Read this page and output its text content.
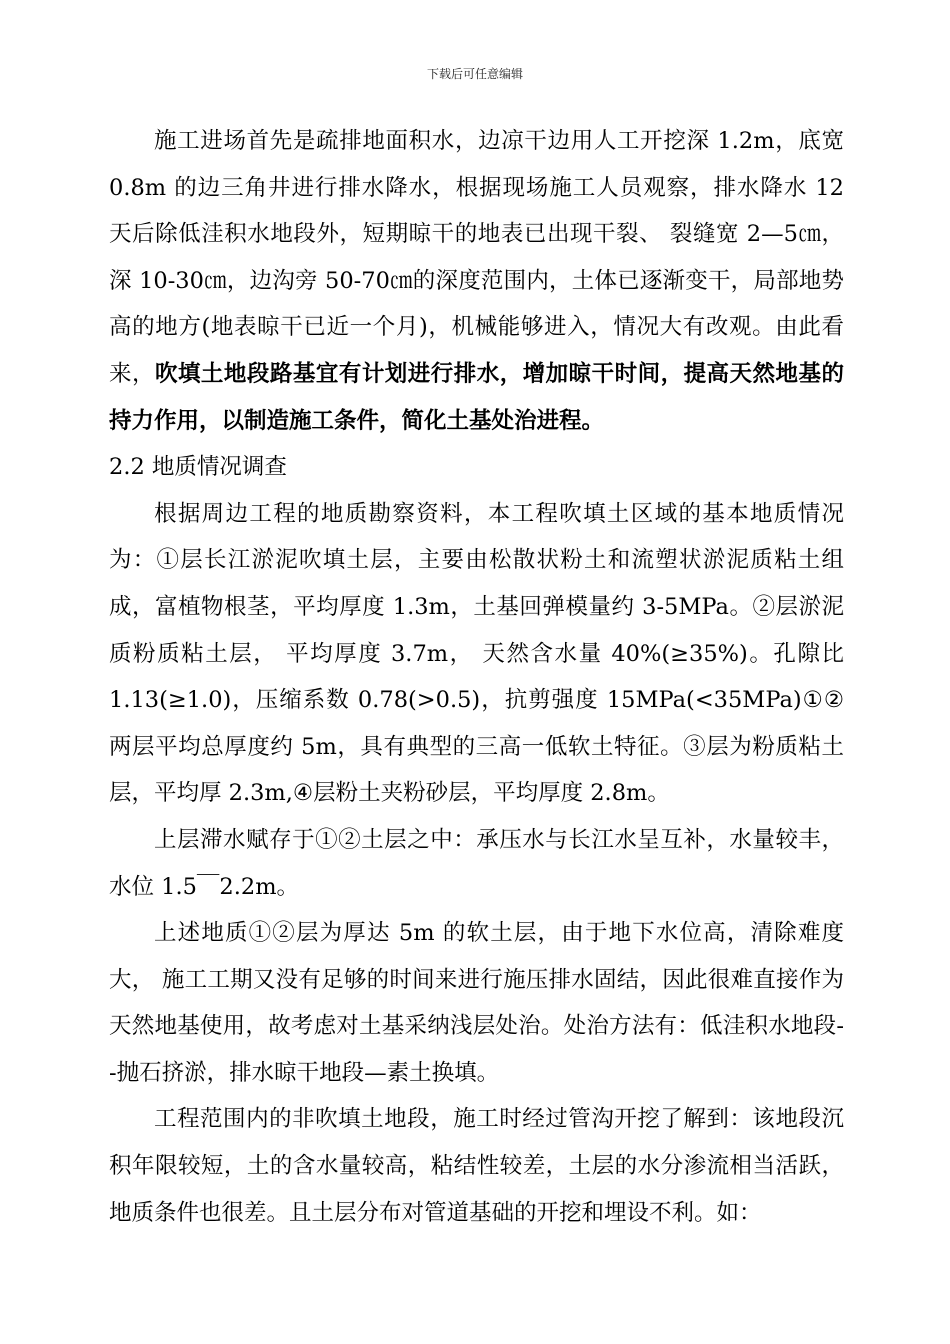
下载后可任意编辑

施工进场首先是疏排地面积水，边凉干边用人工开挖深 1.2m，底宽 0.8m 的边三角井进行排水降水，根据现场施工人员观察，排水降水 12 天后除低洼积水地段外，短期晾干的地表已出现干裂、 裂缝宽 2—5㎝，深 10-30㎝，边沟旁 50-70㎝的深度范围内，土体已逐渐变干，局部地势高的地方(地表晾干已近一个月)，机械能够进入，情况大有改观。由此看来，吹填土地段路基宜有计划进行排水，增加晾干时间，提高天然地基的持力作用，以制造施工条件，简化土基处治进程。

2.2 地质情况调查

根据周边工程的地质勘察资料，本工程吹填土区域的基本地质情况为：①层长江淤泥吹填土层，主要由松散状粉土和流塑状淤泥质粘土组成，富植物根茎，平均厚度 1.3m，土基回弹模量约 3-5MPa。②层淤泥质粉质粘土层， 平均厚度 3.7m， 天然含水量 40%(≥35%)。孔隙比 1.13(≥1.0)，压缩系数 0.78(>0.5)，抗剪强度 15MPa(<35MPa)①② 两层平均总厚度约 5m，具有典型的三高一低软土特征。③层为粉质粘土层，平均厚 2.3m,④层粉土夹粉砂层，平均厚度 2.8m。

上层滞水赋存于①②土层之中：承压水与长江水呈互补，水量较丰，水位 1.5￣2.2m。

上述地质①②层为厚达 5m 的软土层，由于地下水位高，清除难度大， 施工工期又没有足够的时间来进行施压排水固结，因此很难直接作为天然地基使用，故考虑对土基采纳浅层处治。处治方法有：低洼积水地段--抛石挤淤，排水晾干地段—素土换填。

工程范围内的非吹填土地段，施工时经过管沟开挖了解到：该地段沉积年限较短，土的含水量较高，粘结性较差，土层的水分渗流相当活跃，地质条件也很差。且土层分布对管道基础的开挖和埋设不利。如：
